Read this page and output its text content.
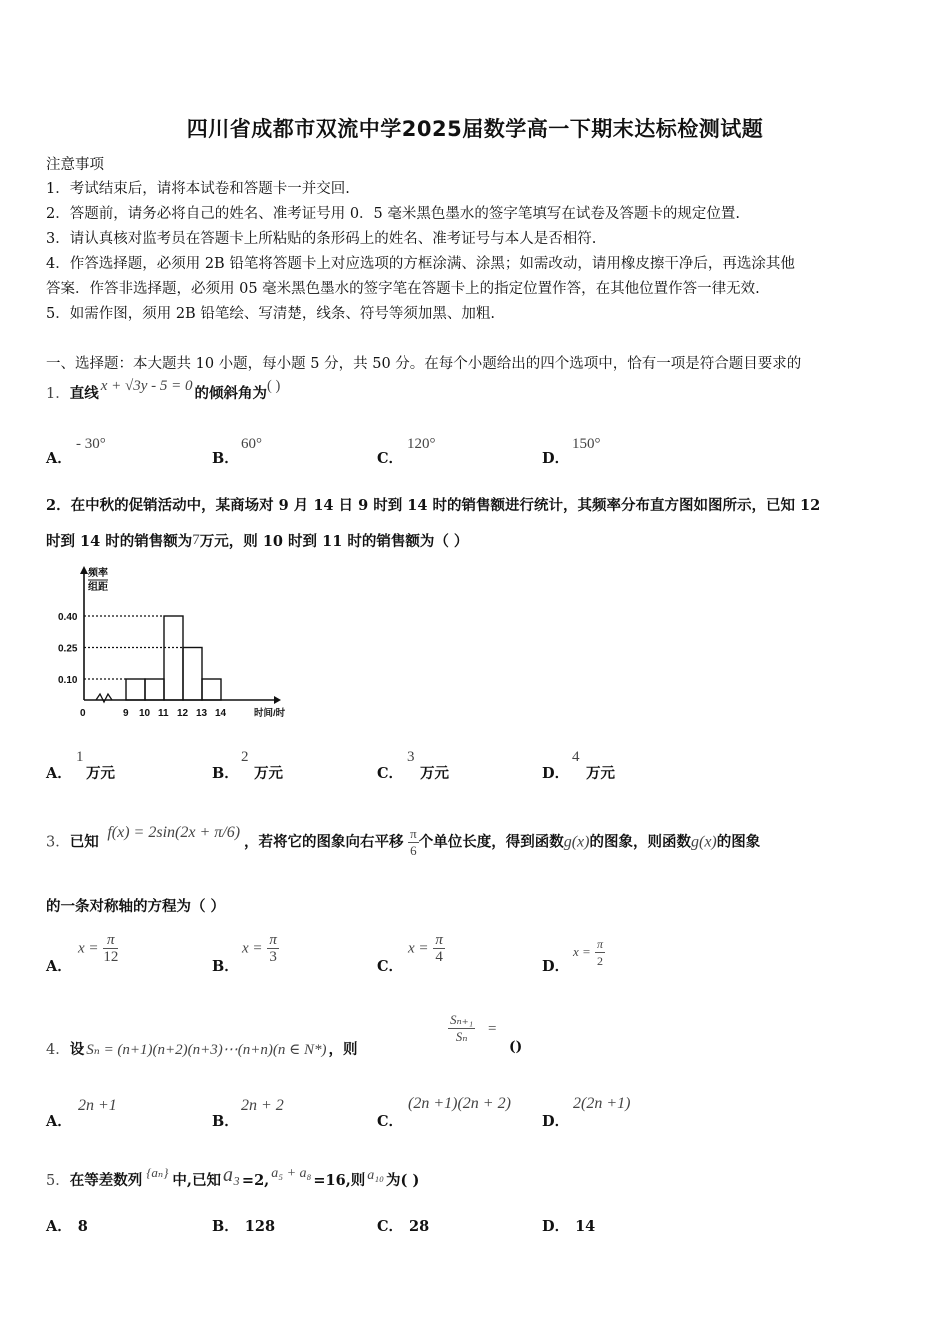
四川省成都市双流中学2025届数学高一下期末达标检测试题
注意事项
1．考试结束后，请将本试卷和答题卡一并交回.
2．答题前，请务必将自己的姓名、准考证号用 0．5 毫米黑色墨水的签字笔填写在试卷及答题卡的规定位置.
3．请认真核对监考员在答题卡上所粘贴的条形码上的姓名、准考证号与本人是否相符.
4．作答选择题，必须用 2B 铅笔将答题卡上对应选项的方框涂满、涂黑；如需改动，请用橡皮擦干净后，再选涂其他
答案．作答非选择题，必须用 05 毫米黑色墨水的签字笔在答题卡上的指定位置作答，在其他位置作答一律无效.
5．如需作图，须用 2B 铅笔绘、写清楚，线条、符号等须加黑、加粗.
一、选择题：本大题共 10 小题，每小题 5 分，共 50 分。在每个小题给出的四个选项中，恰有一项是符合题目要求的
1．直线 x + √3y - 5 = 0 的倾斜角为( )
A．
- 30°
B．
60°
C．
120°
D．
150°
2．在中秋的促销活动中，某商场对 9 月 14 日 9 时到 14 时的销售额进行统计，其频率分布直方图如图所示，已知 12
时到 14 时的销售额为7万元，则 10 时到 11 时的销售额为（ ）
频率
组距
时间/时
0.40
0.25
0.10
0	9 10 11 12 13 14
A．
1
万元	B．
2
万元	C．
3
万元	D．
4
万元
3．已知 f(x) = 2sin(2x + π/6)，若将它的图象向右平移 $\frac{\pi}{6}$ 个单位长度，得到函数g(x)的图象，则函数g(x)的图象
的一条对称轴的方程为（ ）
A．
$x = \frac{\pi}{12}$
B．
$x = \frac{\pi}{3}$
C．
$x = \frac{\pi}{4}$
D．
$x = \frac{\pi}{2}$
4．设 Sₙ = (n+1)(n+2)(n+3)⋯(n+n)(n ∈ N*) ，则
$\frac{\text{Sₙ₊₁}}{\text{Sₙ}}$ =
()
A．
2n +1
B．
2n + 2
C．
(2n +1)(2n + 2)
D．
2(2n +1)
5．在等差数列 {aₙ} 中,已知 a₃ =2, a₅ + a₈ =16,则 a₁₀ 为( )
A． 8	B． 128	C． 28	D． 14
